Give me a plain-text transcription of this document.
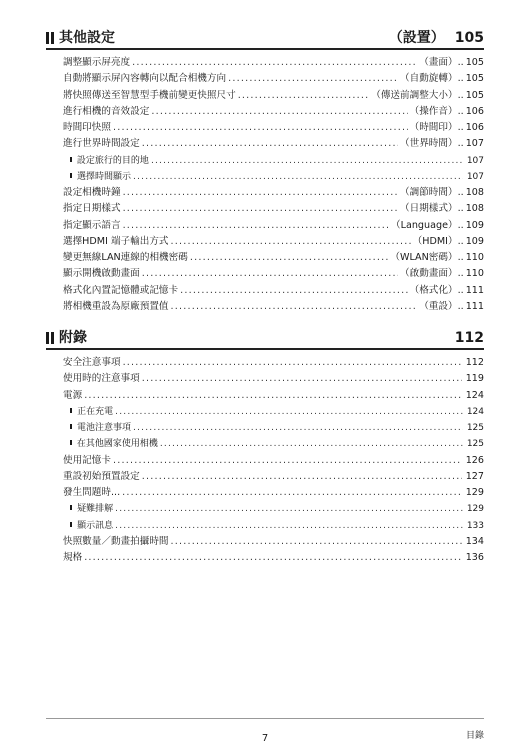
其他設定	（設置） 105
調整顯示屏亮度 .....	（畫面） .. 105
自動將顯示屏內容轉向以配合相機方向 .....	（自動旋轉） .. 105
將快照傳送至智慧型手機前變更快照尺寸 .....	（傳送前調整大小） .. 105
進行相機的音效設定 .....	（操作音） .. 106
時間印快照 .....	（時間印） .. 106
進行世界時間設定 .....	（世界時間） .. 107
設定旅行的目的地 .....	107
選擇時間顯示 .....	107
設定相機時鐘 .....	（調節時間） .. 108
指定日期樣式 .....	（日期樣式） .. 108
指定顯示語言 .....	（Language） .. 109
選擇HDMI 端子輸出方式 .....	（HDMI） .. 109
變更無線LAN連線的相機密碼 .....	（WLAN密碼） .. 110
顯示開機啟動畫面 .....	（啟動畫面） .. 110
格式化內置記憶體或記憶卡 .....	（格式化） .. 111
將相機重設為原廠預置值 .....	（重設） .. 111
附錄	112
安全注意事項 .....	112
使用時的注意事項 .....	119
電源 .....	124
正在充電 .....	124
電池注意事項 .....	125
在其他國家使用相機 .....	125
使用記憶卡 .....	126
重設初始預置設定 .....	127
發生問題時... .....	129
疑難排解 .....	129
顯示訊息 .....	133
快照數量／動畫拍攝時間 .....	134
規格 .....	136
7	目錄
